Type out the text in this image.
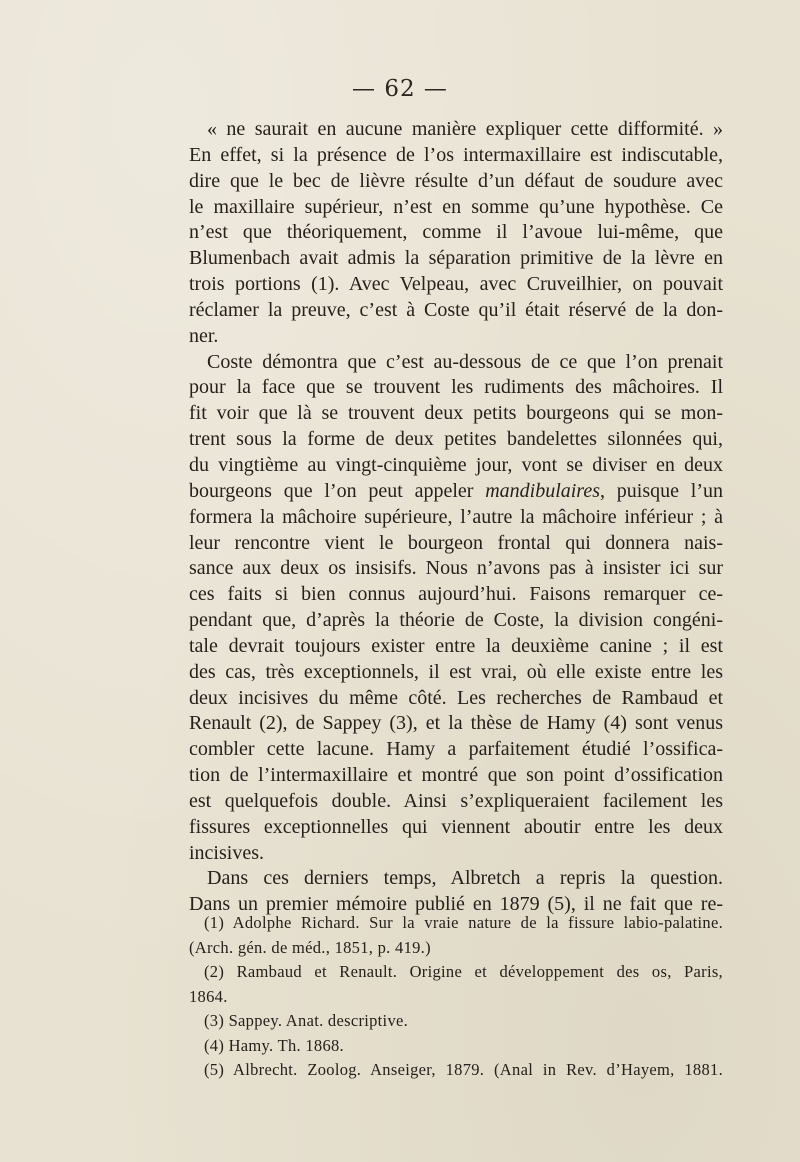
— 62 —
« ne saurait en aucune manière expliquer cette difformité. »
En effet, si la présence de l’os intermaxillaire est indiscutable,
dire que le bec de lièvre résulte d’un défaut de soudure avec
le maxillaire supérieur, n’est en somme qu’une hypothèse. Ce
n’est que théoriquement, comme il l’avoue lui-même, que
Blumenbach avait admis la séparation primitive de la lèvre en
trois portions (1). Avec Velpeau, avec Cruveilhier, on pouvait
réclamer la preuve, c’est à Coste qu’il était réservé de la don-
ner.
Coste démontra que c’est au-dessous de ce que l’on prenait
pour la face que se trouvent les rudiments des mâchoires. Il
fit voir que là se trouvent deux petits bourgeons qui se mon-
trent sous la forme de deux petites bandelettes silonnées qui,
du vingtième au vingt-cinquième jour, vont se diviser en deux
bourgeons que l’on peut appeler mandibulaires, puisque l’un
formera la mâchoire supérieure, l’autre la mâchoire inférieur ; à
leur rencontre vient le bourgeon frontal qui donnera nais-
sance aux deux os insisifs. Nous n’avons pas à insister ici sur
ces faits si bien connus aujourd’hui. Faisons remarquer ce-
pendant que, d’après la théorie de Coste, la division congéni-
tale devrait toujours exister entre la deuxième canine ; il est
des cas, très exceptionnels, il est vrai, où elle existe entre les
deux incisives du même côté. Les recherches de Rambaud et
Renault (2), de Sappey (3), et la thèse de Hamy (4) sont venus
combler cette lacune. Hamy a parfaitement étudié l’ossifica-
tion de l’intermaxillaire et montré que son point d’ossification
est quelquefois double. Ainsi s’expliqueraient facilement les
fissures exceptionnelles qui viennent aboutir entre les deux
incisives.
Dans ces derniers temps, Albretch a repris la question.
Dans un premier mémoire publié en 1879 (5), il ne fait que re-
(1) Adolphe Richard. Sur la vraie nature de la fissure labio-palatine.
(Arch. gén. de méd., 1851, p. 419.)
(2) Rambaud et Renault. Origine et développement des os, Paris,
1864.
(3) Sappey. Anat. descriptive.
(4) Hamy. Th. 1868.
(5) Albrecht. Zoolog. Anseiger, 1879. (Anal in Rev. d’Hayem, 1881.
